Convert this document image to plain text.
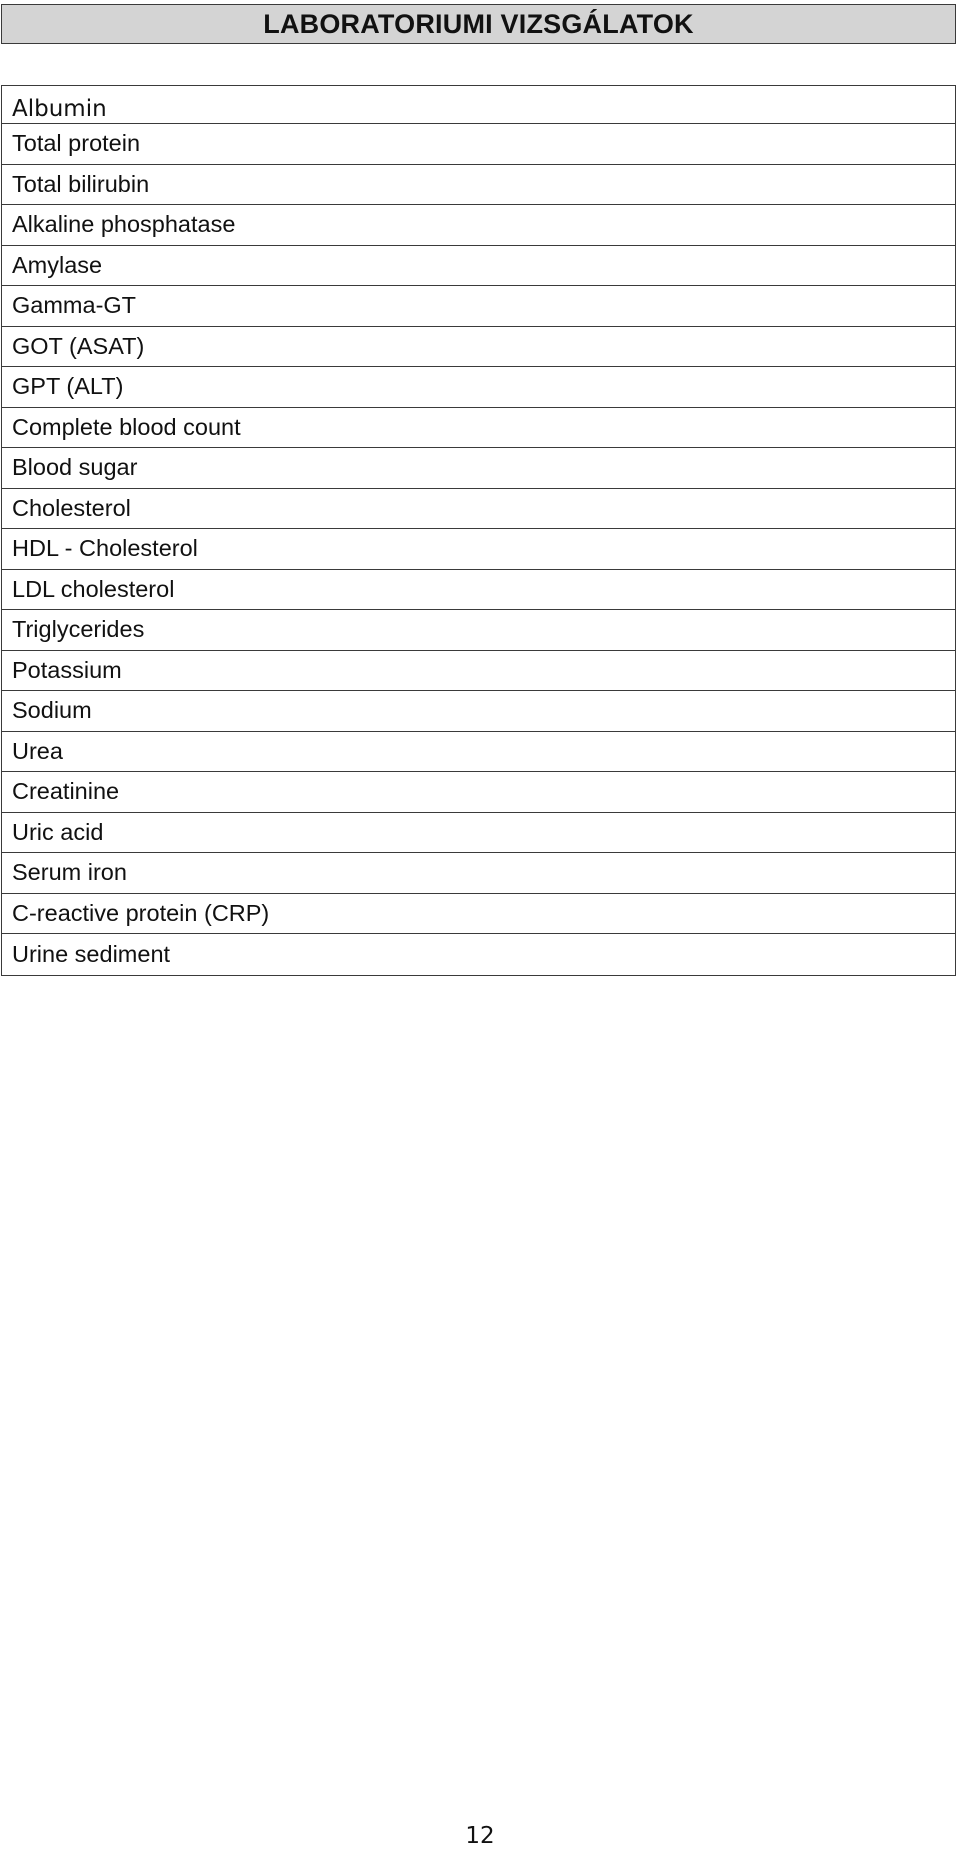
LABORATORIUMI VIZSGÁLATOK
Albumin
Total protein
Total bilirubin
Alkaline phosphatase
Amylase
Gamma-GT
GOT (ASAT)
GPT (ALT)
Complete blood count
Blood sugar
Cholesterol
HDL - Cholesterol
LDL cholesterol
Triglycerides
Potassium
Sodium
Urea
Creatinine
Uric acid
Serum iron
C-reactive protein (CRP)
Urine sediment
12
